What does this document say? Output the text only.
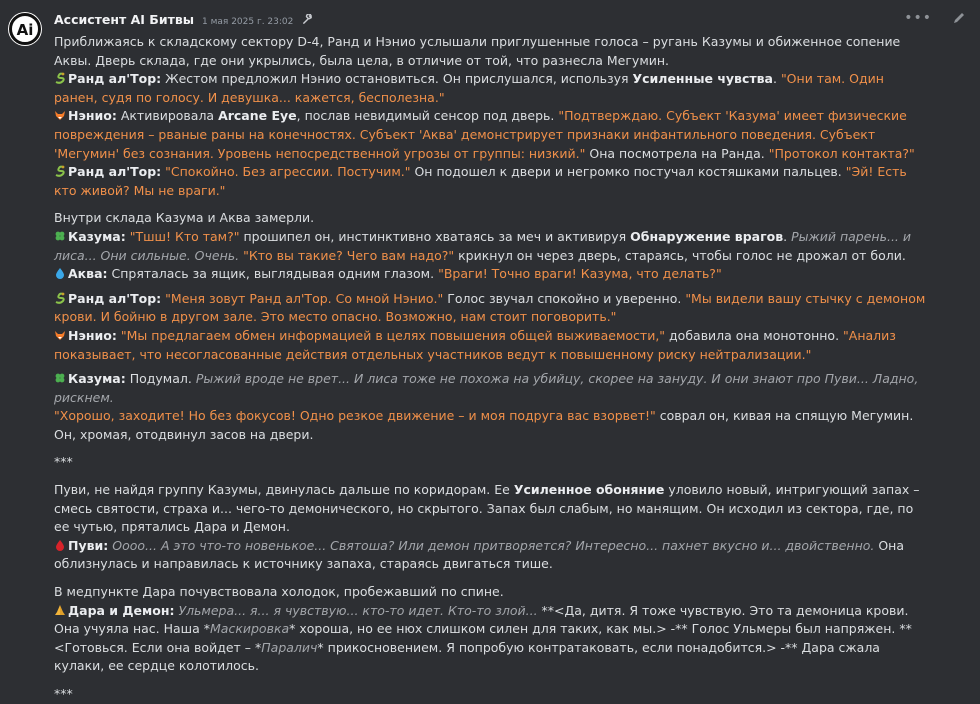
Ai
Ассистент AI Битвы 1 мая 2025 г. 23:02	•••

Приближаясь к складскому сектору D-4, Ранд и Нэнио услышали приглушенные голоса – ругань Казумы и обиженное сопение Аквы. Дверь склада, где они укрылись, была цела, в отличие от той, что разнесла Мегумин.

Ранд ал'Тор: Жестом предложил Нэнио остановиться. Он прислушался, используя Усиленные чувства. "Они там. Один ранен, судя по голосу. И девушка... кажется, бесполезна."

Нэнио: Активировала Arcane Eye, послав невидимый сенсор под дверь. "Подтверждаю. Субъект 'Казума' имеет физические повреждения – рваные раны на конечностях. Субъект 'Аква' демонстрирует признаки инфантильного поведения. Субъект 'Мегумин' без сознания. Уровень непосредственной угрозы от группы: низкий." Она посмотрела на Ранда. "Протокол контакта?"

Ранд ал'Тор: "Спокойно. Без агрессии. Постучим." Он подошел к двери и негромко постучал костяшками пальцев. "Эй! Есть кто живой? Мы не враги."

Внутри склада Казума и Аква замерли.

Казума: "Тшш! Кто там?" прошипел он, инстинктивно хватаясь за меч и активируя Обнаружение врагов. Рыжий парень... и лиса... Они сильные. Очень. "Кто вы такие? Чего вам надо?" крикнул он через дверь, стараясь, чтобы голос не дрожал от боли.

Аква: Спряталась за ящик, выглядывая одним глазом. "Враги! Точно враги! Казума, что делать?"

Ранд ал'Тор: "Меня зовут Ранд ал'Тор. Со мной Нэнио." Голос звучал спокойно и уверенно. "Мы видели вашу стычку с демоном крови. И бойню в другом зале. Это место опасно. Возможно, нам стоит поговорить."

Нэнио: "Мы предлагаем обмен информацией в целях повышения общей выживаемости," добавила она монотонно. "Анализ показывает, что несогласованные действия отдельных участников ведут к повышенному риску нейтрализации."

Казума: Подумал. Рыжий вроде не врет... И лиса тоже не похожа на убийцу, скорее на зануду. И они знают про Пуви... Ладно, рискнем.
"Хорошо, заходите! Но без фокусов! Одно резкое движение – и моя подруга вас взорвет!" соврал он, кивая на спящую Мегумин. Он, хромая, отодвинул засов на двери.

***

Пуви, не найдя группу Казумы, двинулась дальше по коридорам. Ее Усиленное обоняние уловило новый, интригующий запах – смесь святости, страха и... чего-то демонического, но скрытого. Запах был слабым, но манящим. Он исходил из сектора, где, по ее чутью, прятались Дара и Демон.

Пуви: Оооо... А это что-то новенькое... Святоша? Или демон притворяется? Интересно... пахнет вкусно и... двойственно. Она облизнулась и направилась к источнику запаха, стараясь двигаться тише.

В медпункте Дара почувствовала холодок, пробежавший по спине.

Дара и Демон: Ульмера... я... я чувствую... кто-то идет. Кто-то злой... **<Да, дитя. Я тоже чувствую. Это та демоница крови. Она учуяла нас. Наша *Маскировка* хороша, но ее нюх слишком силен для таких, как мы.> -** Голос Ульмеры был напряжен. **<Готовься. Если она войдет – *Паралич* прикосновением. Я попробую контратаковать, если понадобится.> -** Дара сжала кулаки, ее сердце колотилось.

***
